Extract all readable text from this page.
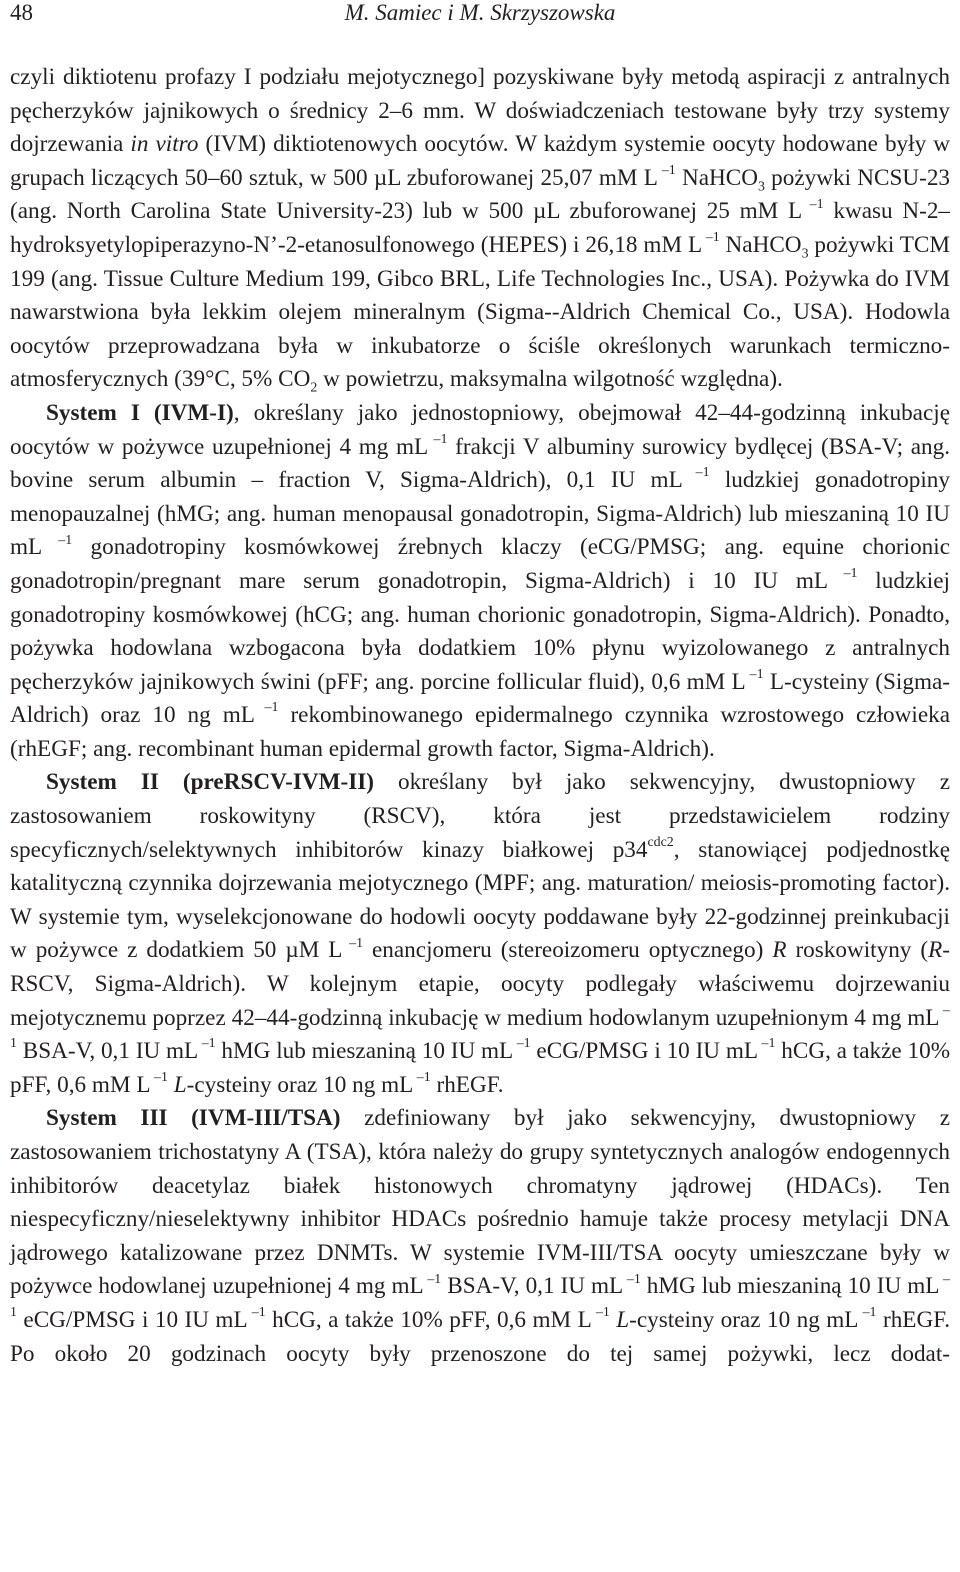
48	M. Samiec i M. Skrzyszowska

czyli diktiotenu profazy I podziału mejotycznego] pozyskiwane były metodą aspiracji z antralnych pęcherzyków jajnikowych o średnicy 2–6 mm. W doświadczeniach testowane były trzy systemy dojrzewania in vitro (IVM) diktiotenowych oocytów. W każdym systemie oocyty hodowane były w grupach liczących 50–60 sztuk, w 500 µL zbuforowanej 25,07 mM L $^{-1}$ NaHCO$_3$ pożywki NCSU-23 (ang. North Carolina State University-23) lub w 500 µL zbuforowanej 25 mM L $^{-1}$ kwasu N-2–hydroksyetylopiperazyno-N’-2-etanosulfonowego (HEPES) i 26,18 mM L $^{-1}$ NaHCO$_3$ pożywki TCM 199 (ang. Tissue Culture Medium 199, Gibco BRL, Life Technologies Inc., USA). Pożywka do IVM nawarstwiona była lekkim olejem mineralnym (Sigma--Aldrich Chemical Co., USA). Hodowla oocytów przeprowadzana była w inkubatorze o ściśle określonych warunkach termiczno-atmosferycznych (39°C, 5% $CO_2$ w powietrzu, maksymalna wilgotność względna).

System I (IVM-I), określany jako jednostopniowy, obejmował 42–44-godzinną inkubację oocytów w pożywce uzupełnionej 4 mg mL $^{-1}$ frakcji V albuminy surowicy bydlęcej (BSA-V; ang. bovine serum albumin – fraction V, Sigma-Aldrich), 0,1 IU mL $^{-1}$ ludzkiej gonadotropiny menopauzalnej (hMG; ang. human menopausal gonadotropin, Sigma-Aldrich) lub mieszaniną 10 IU mL $^{-1}$ gonadotropiny kosmówkowej źrebnych klaczy (eCG/PMSG; ang. equine chorionic gonadotropin/pregnant mare serum gonadotropin, Sigma-Aldrich) i 10 IU mL $^{-1}$ ludzkiej gonadotropiny kosmówkowej (hCG; ang. human chorionic gonadotropin, Sigma-Aldrich). Ponadto, pożywka hodowlana wzbogacona była dodatkiem 10% płynu wyizolowanego z antralnych pęcherzyków jajnikowych świni (pFF; ang. porcine follicular fluid), 0,6 mM L $^{-1}$ L-cysteiny (Sigma-Aldrich) oraz 10 ng mL $^{-1}$ rekombinowanego epidermalnego czynnika wzrostowego człowieka (rhEGF; ang. recombinant human epidermal growth factor, Sigma-Aldrich).

System II (preRSCV-IVM-II) określany był jako sekwencyjny, dwustopniowy z zastosowaniem roskowityny (RSCV), która jest przedstawicielem rodziny specyficznych/selektywnych inhibitorów kinazy białkowej $p34^{cdc2}$, stanowiącej podjednostkę katalityczną czynnika dojrzewania mejotycznego (MPF; ang. maturation/ meiosis-promoting factor). W systemie tym, wyselekcjonowane do hodowli oocyty poddawane były 22-godzinnej preinkubacji w pożywce z dodatkiem 50 µM L $^{-1}$ enancjomeru (stereoizomeru optycznego) R roskowityny (R-RSCV, Sigma-Aldrich). W kolejnym etapie, oocyty podlegały właściwemu dojrzewaniu mejotycznemu poprzez 42–44-godzinną inkubację w medium hodowlanym uzupełnionym 4 mg mL $^{-1}$ BSA-V, 0,1 IU mL $^{-1}$ hMG lub mieszaniną 10 IU mL $^{-1}$ eCG/PMSG i 10 IU mL $^{-1}$ hCG, a także 10% pFF, 0,6 mM L $^{-1}$ L-cysteiny oraz 10 ng mL $^{-1}$ rhEGF.

System III (IVM-III/TSA) zdefiniowany był jako sekwencyjny, dwustopniowy z zastosowaniem trichostatyny A (TSA), która należy do grupy syntetycznych analogów endogennych inhibitorów deacetylaz białek histonowych chromatyny jądrowej (HDACs). Ten niespecyficzny/nieselektywny inhibitor HDACs pośrednio hamuje także procesy metylacji DNA jądrowego katalizowane przez DNMTs. W systemie IVM-III/TSA oocyty umieszczane były w pożywce hodowlanej uzupełnionej 4 mg mL $^{-1}$ BSA-V, 0,1 IU mL $^{-1}$ hMG lub mieszaniną 10 IU mL $^{-1}$ eCG/PMSG i 10 IU mL $^{-1}$ hCG, a także 10% pFF, 0,6 mM L $^{-1}$ L-cysteiny oraz 10 ng mL $^{-1}$ rhEGF. Po około 20 godzinach oocyty były przenoszone do tej samej pożywki, lecz dodat-
